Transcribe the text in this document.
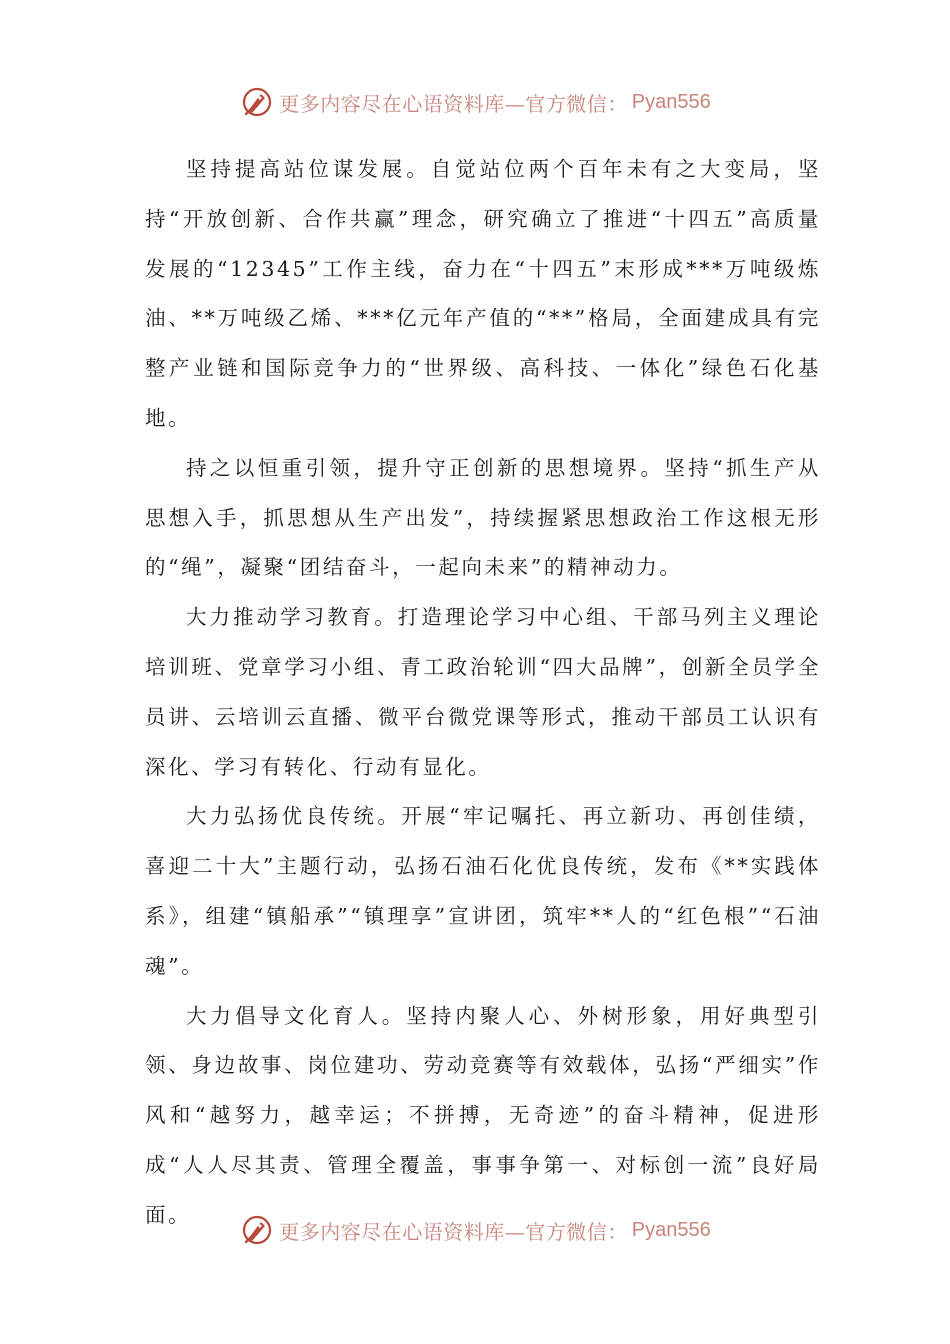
更多内容尽在心语资料库—官方微信： Pyan556

坚持提高站位谋发展。自觉站位两个百年未有之大变局，坚持“开放创新、合作共赢”理念，研究确立了推进“十四五”高质量发展的“12345”工作主线，奋力在“十四五”末形成***万吨级炼油、**万吨级乙烯、***亿元年产值的“**”格局，全面建成具有完整产业链和国际竞争力的“世界级、高科技、一体化”绿色石化基地。

持之以恒重引领，提升守正创新的思想境界。坚持“抓生产从思想入手，抓思想从生产出发”，持续握紧思想政治工作这根无形的“绳”，凝聚“团结奋斗，一起向未来”的精神动力。

大力推动学习教育。打造理论学习中心组、干部马列主义理论培训班、党章学习小组、青工政治轮训“四大品牌”，创新全员学全员讲、云培训云直播、微平台微党课等形式，推动干部员工认识有深化、学习有转化、行动有显化。

大力弘扬优良传统。开展“牢记嘱托、再立新功、再创佳绩，喜迎二十大”主题行动，弘扬石油石化优良传统，发布《**实践体系》，组建“镇船承”“镇理享”宣讲团，筑牢**人的“红色根”“石油魂”。

大力倡导文化育人。坚持内聚人心、外树形象，用好典型引领、身边故事、岗位建功、劳动竞赛等有效载体，弘扬“严细实”作风和“越努力，越幸运；不拼搏，无奇迹”的奋斗精神，促进形成“人人尽其责、管理全覆盖，事事争第一、对标创一流”良好局面。

更多内容尽在心语资料库—官方微信： Pyan556
